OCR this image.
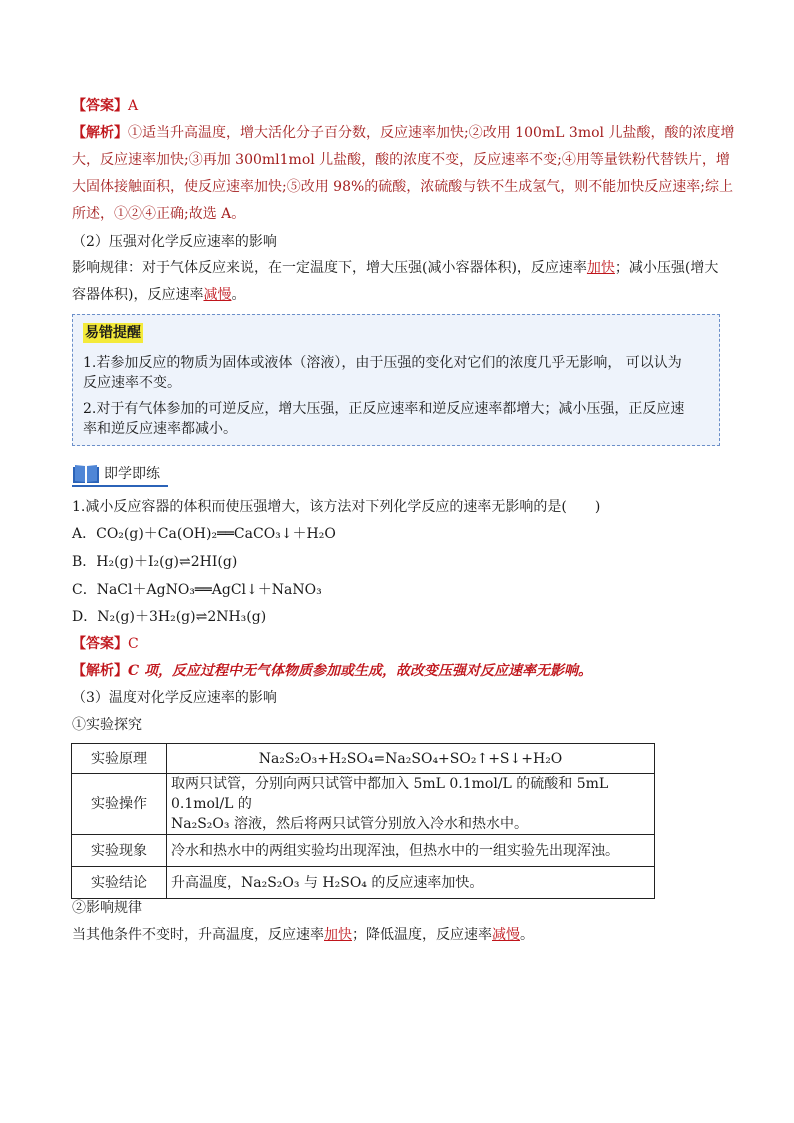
【答案】A
【解析】①适当升高温度，增大活化分子百分数，反应速率加快;②改用 100mL 3mol 儿盐酸，酸的浓度增
大，反应速率加快;③再加 300ml1mol 儿盐酸，酸的浓度不变，反应速率不变;④用等量铁粉代替铁片，增
大固体接触面积，使反应速率加快;⑤改用 98%的硫酸，浓硫酸与铁不生成氢气，则不能加快反应速率;综上
所述，①②④正确;故选 A。
（2）压强对化学反应速率的影响
影响规律：对于气体反应来说，在一定温度下，增大压强(减小容器体积)，反应速率加快；减小压强(增大
容器体积)，反应速率减慢。
易错提醒
1.若参加反应的物质为固体或液体（溶液），由于压强的变化对它们的浓度几乎无影响， 可以认为
反应速率不变。
2.对于有气体参加的可逆反应，增大压强，正反应速率和逆反应速率都增大；减小压强，正反应速
率和逆反应速率都减小。
即学即练
1.减小反应容器的体积而使压强增大，该方法对下列化学反应的速率无影响的是(　　)
A．CO₂(g)＋Ca(OH)₂══CaCO₃↓＋H₂O
B．H₂(g)＋I₂(g)⇌2HI(g)
C．NaCl＋AgNO₃══AgCl↓＋NaNO₃
D．N₂(g)＋3H₂(g)⇌2NH₃(g)
【答案】C
【解析】C 项，反应过程中无气体物质参加或生成，故改变压强对反应速率无影响。
（3）温度对化学反应速率的影响
①实验探究
实验原理	Na₂S₂O₃+H₂SO₄=Na₂SO₄+SO₂↑+S↓+H₂O
实验操作	取两只试管，分别向两只试管中都加入 5mL 0.1mol/L 的硫酸和 5mL 0.1mol/L 的
Na₂S₂O₃ 溶液，然后将两只试管分别放入冷水和热水中。

实验现象	冷水和热水中的两组实验均出现浑浊，但热水中的一组实验先出现浑浊。
实验结论	升高温度，Na₂S₂O₃ 与 H₂SO₄ 的反应速率加快。
②影响规律
当其他条件不变时，升高温度，反应速率加快；降低温度，反应速率减慢。
